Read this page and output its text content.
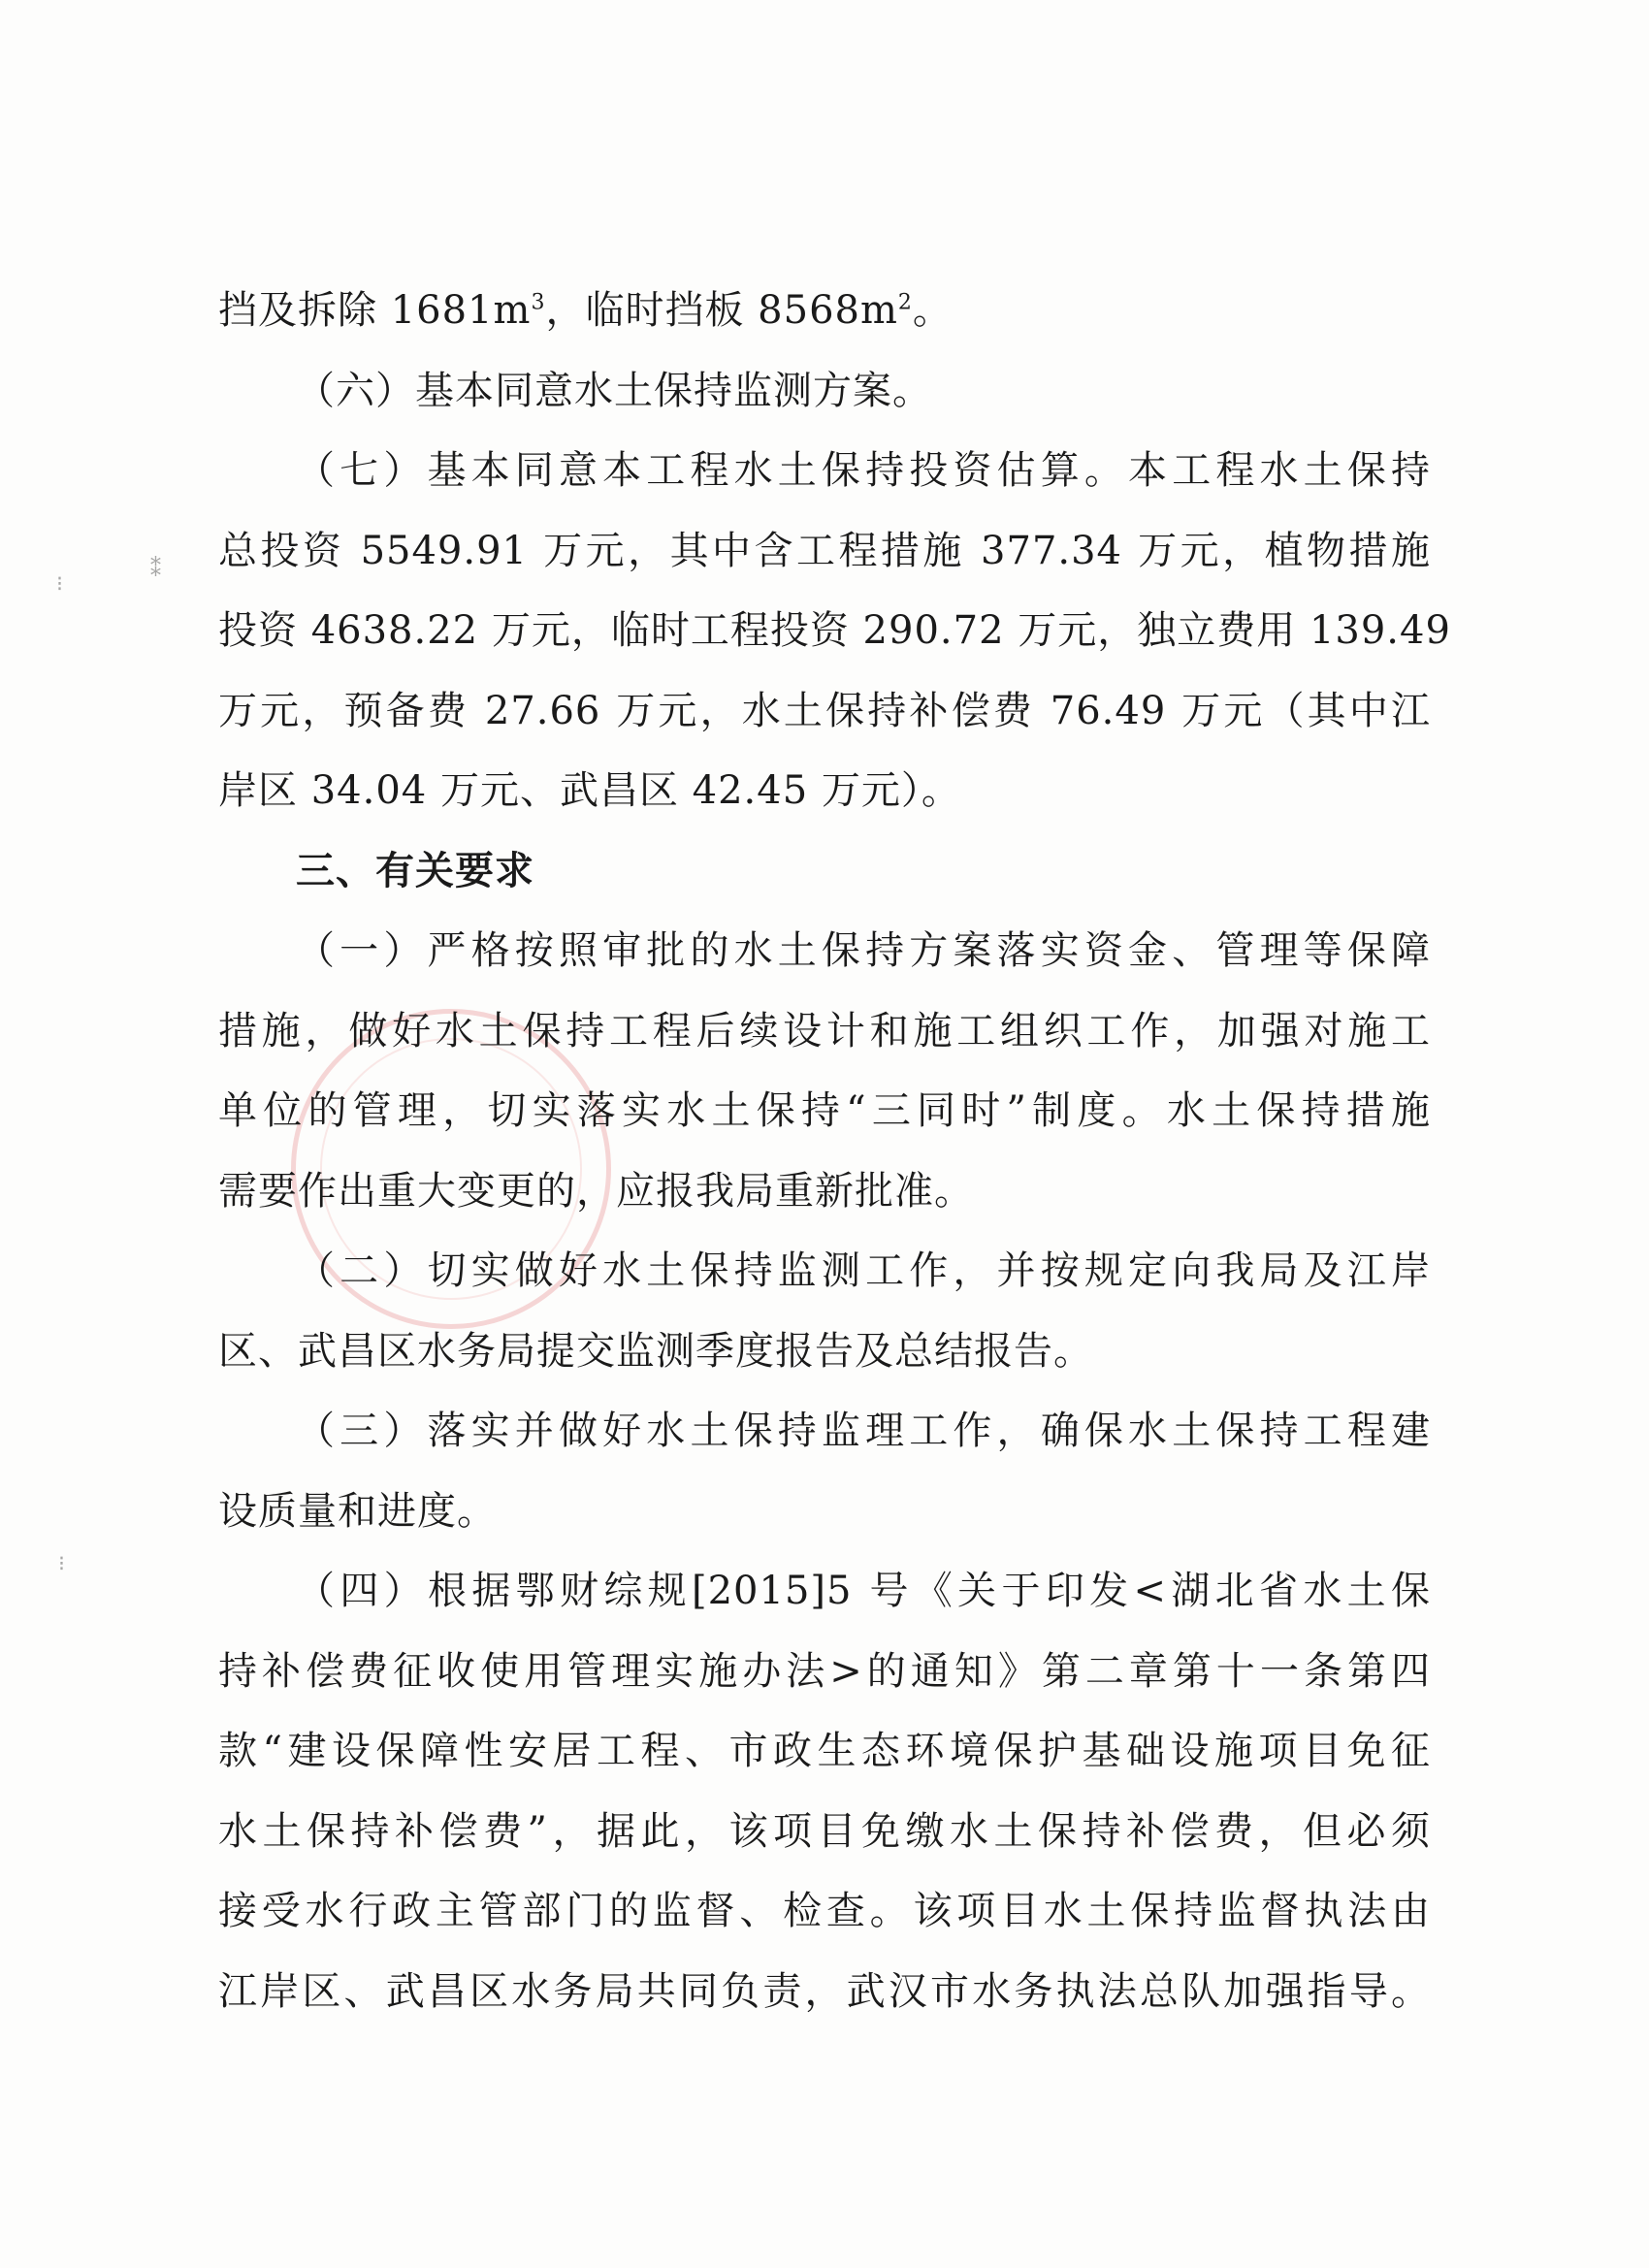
⁝
⁑
⁝
挡及拆除 $1681m^3$，临时挡板 $8568m^2$。
（六）基本同意水土保持监测方案。
（七）基本同意本工程水土保持投资估算。本工程水土保持
总投资 5549.91 万元，其中含工程措施 377.34 万元，植物措施
投资 4638.22 万元，临时工程投资 290.72 万元，独立费用 139.49
万元，预备费 27.66 万元，水土保持补偿费 76.49 万元（其中江
岸区 34.04 万元、武昌区 42.45 万元）。
三、有关要求
（一）严格按照审批的水土保持方案落实资金、管理等保障
措施，做好水土保持工程后续设计和施工组织工作，加强对施工
单位的管理，切实落实水土保持“三同时”制度。水土保持措施
需要作出重大变更的，应报我局重新批准。
（二）切实做好水土保持监测工作，并按规定向我局及江岸
区、武昌区水务局提交监测季度报告及总结报告。
（三）落实并做好水土保持监理工作，确保水土保持工程建
设质量和进度。
（四）根据鄂财综规[2015]5 号《关于印发<湖北省水土保
持补偿费征收使用管理实施办法>的通知》第二章第十一条第四
款“建设保障性安居工程、市政生态环境保护基础设施项目免征
水土保持补偿费”，据此，该项目免缴水土保持补偿费，但必须
接受水行政主管部门的监督、检查。该项目水土保持监督执法由
江岸区、武昌区水务局共同负责，武汉市水务执法总队加强指导。
